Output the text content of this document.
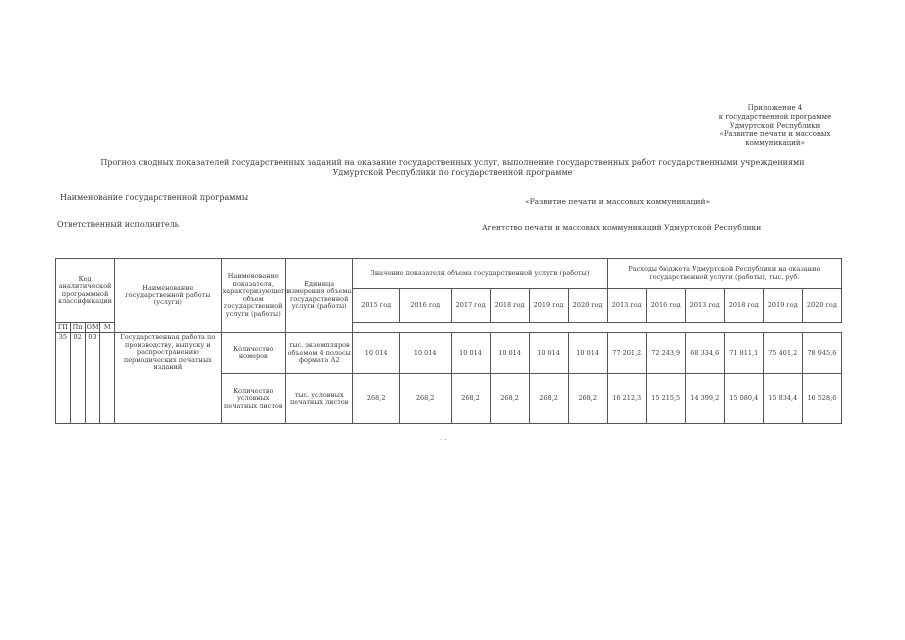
Приложение 4
к государственной программе
Удмуртской Республики
«Развитие печати и массовых
коммуникаций»
Прогноз сводных показателей государственных заданий на оказание государственных услуг, выполнение государственных работ государственными учреждениями Удмуртской Республики по государственной программе
Наименование государственной программы	«Развитие печати и массовых коммуникаций»
Ответственный исполнитель	Агентство печати и массовых коммуникаций Удмуртской Республики
Код аналитической программной классификации				Наименование государственной работы (услуги)	Наименование показателя, характеризующего объем государственной услуги (работы)	Единица измерения объема государственной услуги (работы)	Значение показателя объема государственной услуги (работы)						Расходы бюджета Удмуртской Республики на оказание государственной услуги (работы), тыс. руб.					
							2015 год	2016 год	2017 год	2018 год	2019 год	2020 год	2013 год	2016 год	2013 год	2018 год	2019 год	2020 год
ГП	Пп	ОМ	М															
35	02	03		Государственная работа по производству, выпуску и распространению периодических печатных изданий	Количество номеров	тыс. экземпляров объемом 4 полосы формата А2	10 014	10 014	10 014	10 014	10 014	10 014	77 201,2	72 243,9	68 334,6	71 811,1	75 401,2	78 945,6
					Количество условных печатных листов	тыс. условных печатных листов	268,2	268,2	268,2	268,2	268,2	268,2	16 212,3	15 215,5	14 399,2	15 080,4	15 834,4	16 528,6
. .
